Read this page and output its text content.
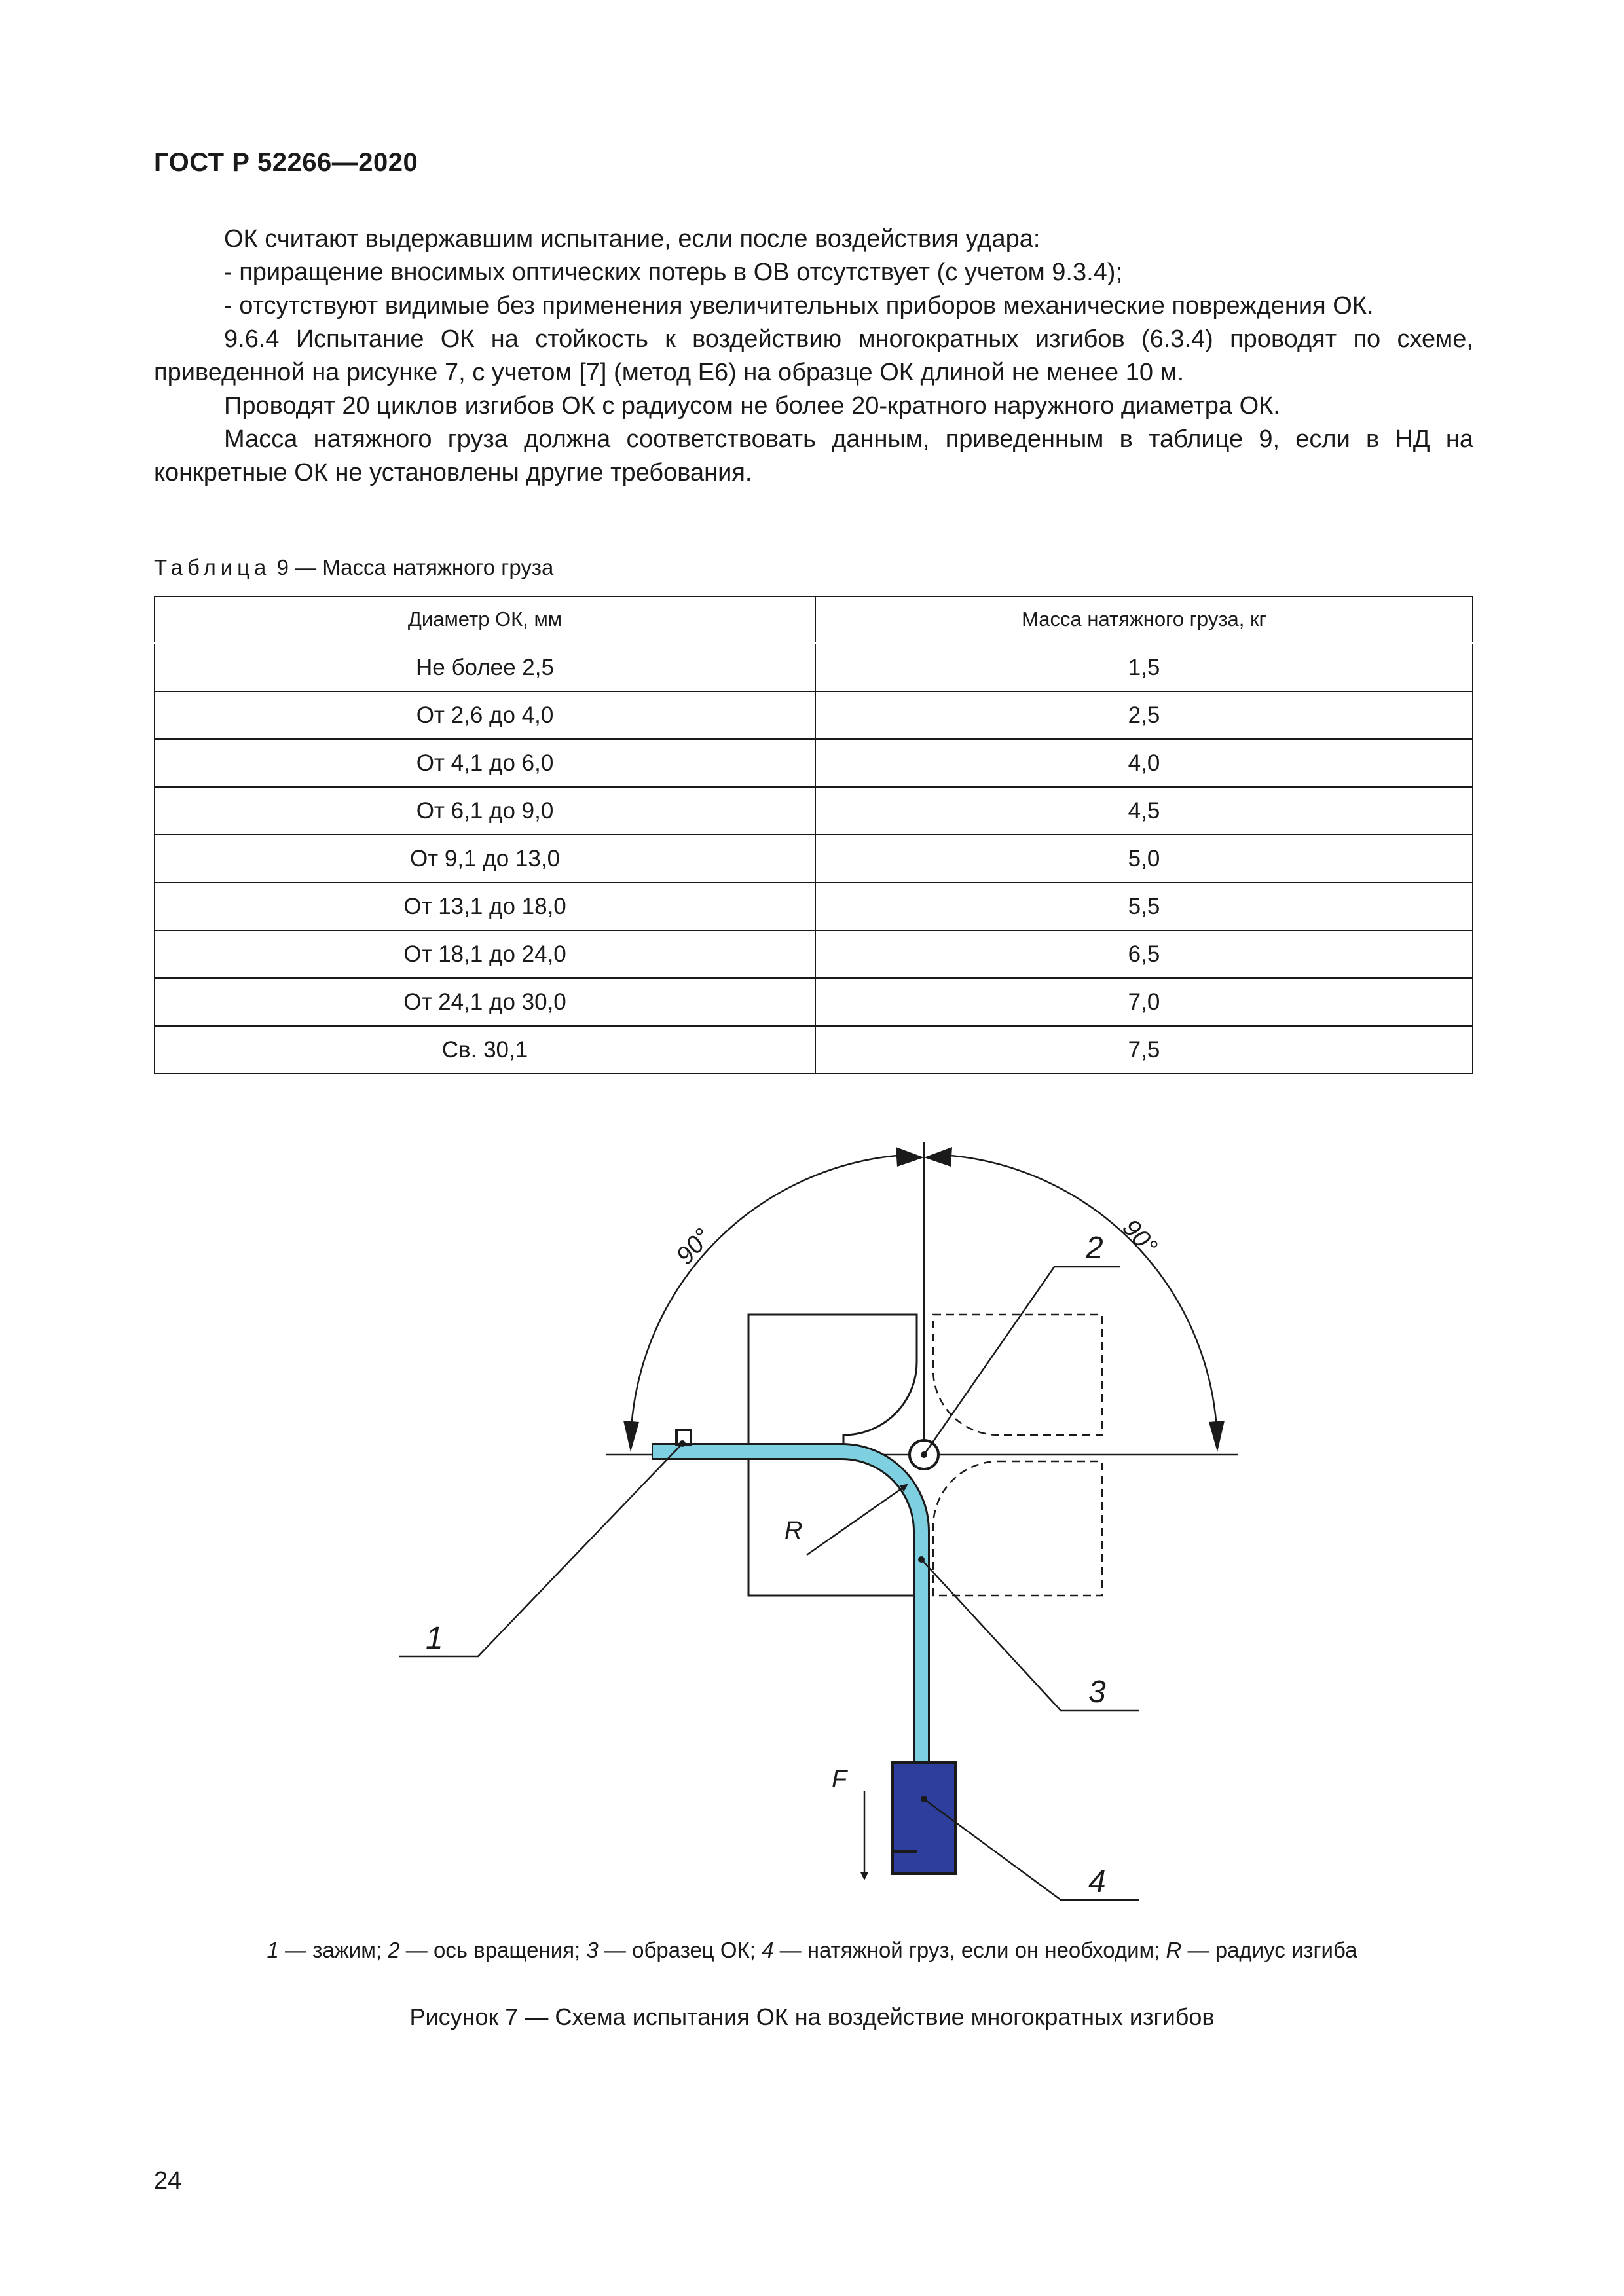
ГОСТ Р 52266—2020

ОК считают выдержавшим испытание, если после воздействия удара:

- приращение вносимых оптических потерь в ОВ отсутствует (с учетом 9.3.4);

- отсутствуют видимые без применения увеличительных приборов механические повреждения ОК.

9.6.4 Испытание ОК на стойкость к воздействию многократных изгибов (6.3.4) проводят по схеме, приведенной на рисунке 7, с учетом [7] (метод Е6) на образце ОК длиной не менее 10 м.

Проводят 20 циклов изгибов ОК с радиусом не более 20-кратного наружного диаметра ОК.

Масса натяжного груза должна соответствовать данным, приведенным в таблице 9, если в НД на конкретные ОК не установлены другие требования.

Таблица 9 — Масса натяжного груза
Диаметр ОК, мм	Масса натяжного груза, кг
Не более 2,5	1,5
От 2,6 до 4,0	2,5
От 4,1 до 6,0	4,0
От 6,1 до 9,0	4,5
От 9,1 до 13,0	5,0
От 13,1 до 18,0	5,5
От 18,1 до 24,0	6,5
От 24,1 до 30,0	7,0
Св. 30,1	7,5
90°	90°
F
R
1
2
3
4
1 — зажим; 2 — ось вращения; 3 — образец ОК; 4 — натяжной груз, если он необходим; R — радиус изгиба
Рисунок 7 — Схема испытания ОК на воздействие многократных изгибов
24
